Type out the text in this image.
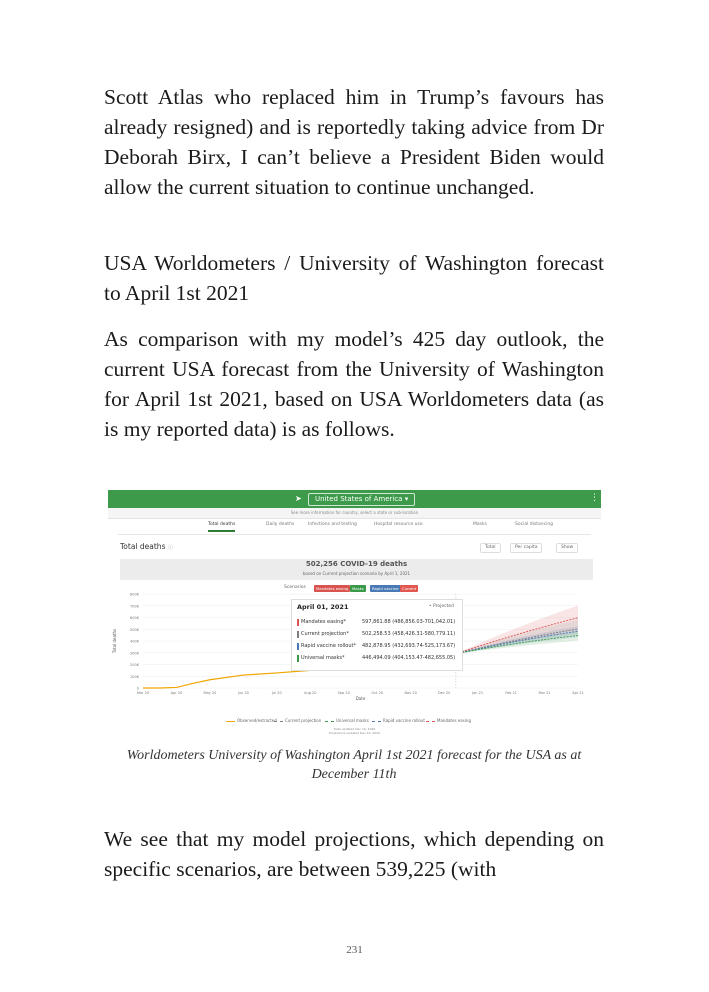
Scott Atlas who replaced him in Trump’s favours has already resigned) and is reportedly taking advice from Dr Deborah Birx, I can’t believe a President Biden would allow the current situation to continue unchanged.

USA Worldometers / University of Washington forecast to April 1st 2021

As comparison with my model’s 425 day outlook, the current USA forecast from the University of Washington for April 1st 2021, based on USA Worldometers data (as is my reported data) is as follows.

➤	United States of America ▾	⋮
See more information for country, select a state or sub-location
Total deaths	Daily deaths	Infections and testing	Hospital resource use	Masks	Social distancing
Total deaths ⓘ	Total	Per capita	Show
502,256 COVID-19 deaths
based on Current projection scenario by April 1, 2021
Scenarios	Mandates easing Masks	Rapid vaccine Current
0
100K
200K
300K
400K
500K
600K
700K
800K
Mar 20	Apr 20	May 20	Jun 20	Jul 20	Aug 20	Sep 20	Oct 20	Nov 20	Dec 20	Jan 21	Feb 21	Mar 21	Apr 21
Date
Total deaths
April 01, 2021	• Projected
Mandates easing*	597,861.88 (486,856.03-701,042.01)
Current projection*	502,258.53 (458,426.31-580,779.11)
Rapid vaccine rollout* 482,878.95 (432,693.74-525,173.67)
Universal masks*	446,494.09 (404,153.47-482,655.05)
Observed/extracted	Current projection	Universal masks	Rapid vaccine rollout	Mandates easing
Data updated Dec 10, 2020
Projections updated Dec 10, 2020
Worldometers University of Washington April 1st 2021 forecast for the USA as at December 11th

We see that my model projections, which depending on specific scenarios, are between 539,225 (with

231
